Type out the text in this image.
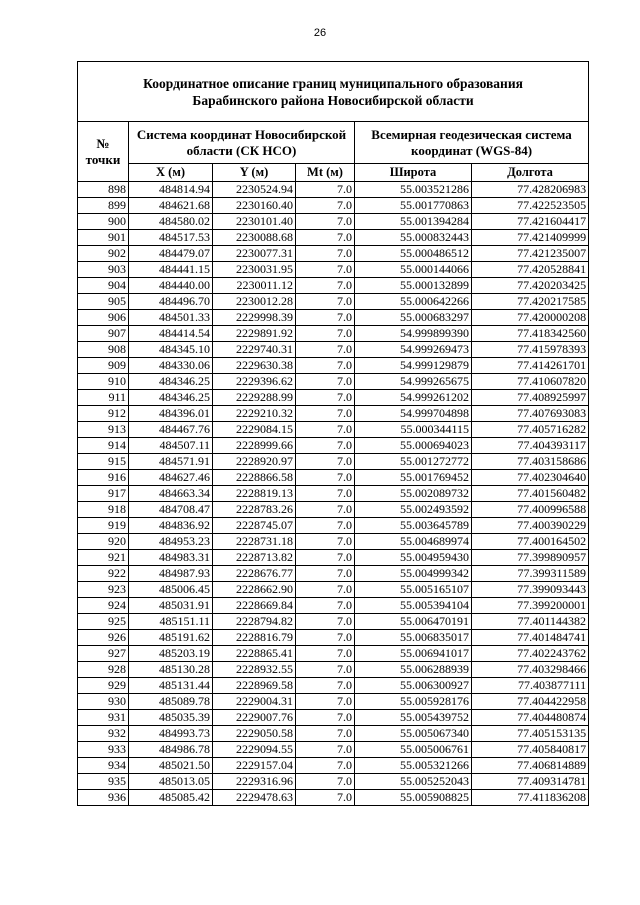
26
Координатное описание границ муниципального образования
Барабинского района Новосибирской области					

№
точки	Система координат Новосибирской области (СК НСО)			Всемирная геодезическая система координат (WGS-84)	
	X (м)	Y (м)	Mt (м)	Широта	Долгота
898	484814.94	2230524.94	7.0	55.003521286	77.428206983
899	484621.68	2230160.40	7.0	55.001770863	77.422523505
900	484580.02	2230101.40	7.0	55.001394284	77.421604417
901	484517.53	2230088.68	7.0	55.000832443	77.421409999
902	484479.07	2230077.31	7.0	55.000486512	77.421235007
903	484441.15	2230031.95	7.0	55.000144066	77.420528841
904	484440.00	2230011.12	7.0	55.000132899	77.420203425
905	484496.70	2230012.28	7.0	55.000642266	77.420217585
906	484501.33	2229998.39	7.0	55.000683297	77.420000208
907	484414.54	2229891.92	7.0	54.999899390	77.418342560
908	484345.10	2229740.31	7.0	54.999269473	77.415978393
909	484330.06	2229630.38	7.0	54.999129879	77.414261701
910	484346.25	2229396.62	7.0	54.999265675	77.410607820
911	484346.25	2229288.99	7.0	54.999261202	77.408925997
912	484396.01	2229210.32	7.0	54.999704898	77.407693083
913	484467.76	2229084.15	7.0	55.000344115	77.405716282
914	484507.11	2228999.66	7.0	55.000694023	77.404393117
915	484571.91	2228920.97	7.0	55.001272772	77.403158686
916	484627.46	2228866.58	7.0	55.001769452	77.402304640
917	484663.34	2228819.13	7.0	55.002089732	77.401560482
918	484708.47	2228783.26	7.0	55.002493592	77.400996588
919	484836.92	2228745.07	7.0	55.003645789	77.400390229
920	484953.23	2228731.18	7.0	55.004689974	77.400164502
921	484983.31	2228713.82	7.0	55.004959430	77.399890957
922	484987.93	2228676.77	7.0	55.004999342	77.399311589
923	485006.45	2228662.90	7.0	55.005165107	77.399093443
924	485031.91	2228669.84	7.0	55.005394104	77.399200001
925	485151.11	2228794.82	7.0	55.006470191	77.401144382
926	485191.62	2228816.79	7.0	55.006835017	77.401484741
927	485203.19	2228865.41	7.0	55.006941017	77.402243762
928	485130.28	2228932.55	7.0	55.006288939	77.403298466
929	485131.44	2228969.58	7.0	55.006300927	77.403877111
930	485089.78	2229004.31	7.0	55.005928176	77.404422958
931	485035.39	2229007.76	7.0	55.005439752	77.404480874
932	484993.73	2229050.58	7.0	55.005067340	77.405153135
933	484986.78	2229094.55	7.0	55.005006761	77.405840817
934	485021.50	2229157.04	7.0	55.005321266	77.406814889
935	485013.05	2229316.96	7.0	55.005252043	77.409314781
936	485085.42	2229478.63	7.0	55.005908825	77.411836208
